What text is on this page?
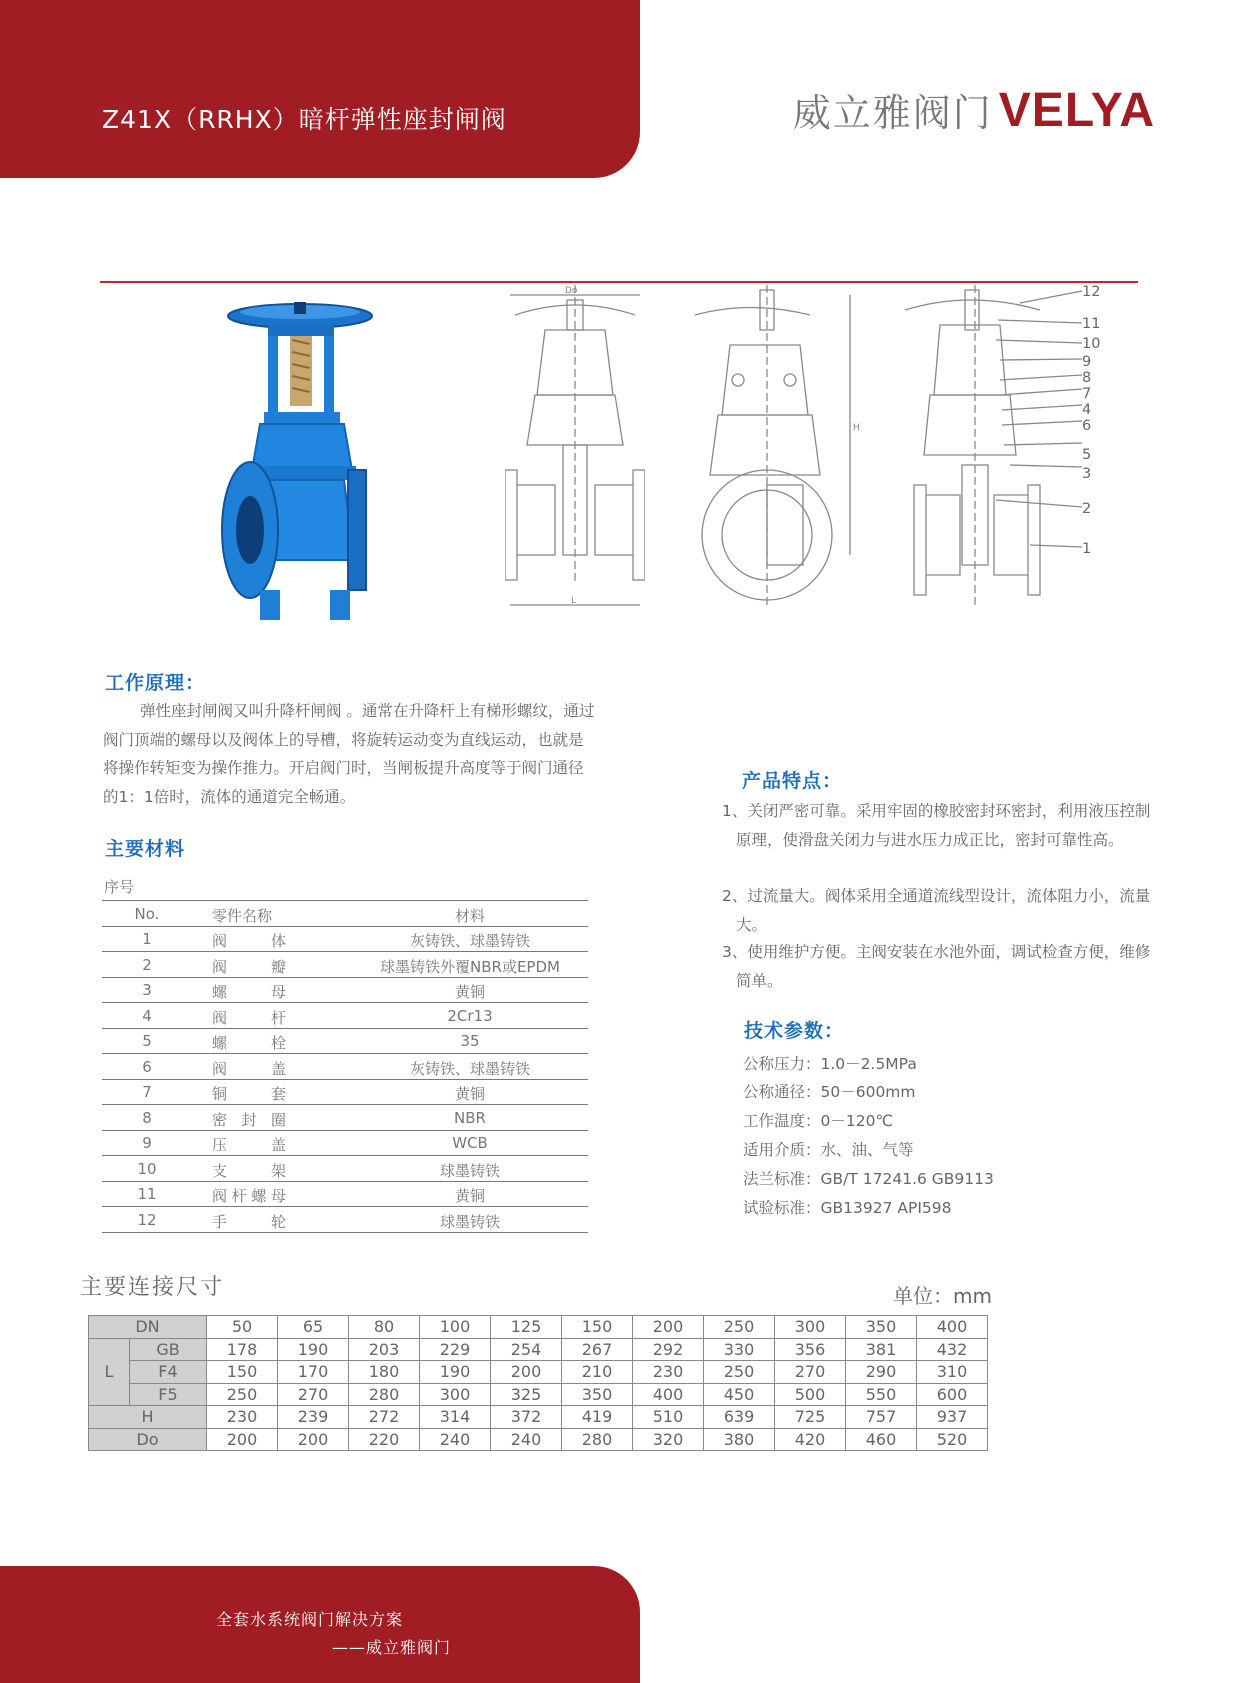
Z41X（RRHX）暗杆弹性座封闸阀	威立雅阀门 VELYA
Do
L
H
12
11
10
9
8
7
4
6
5
3
2
1
工作原理：
弹性座封闸阀又叫升降杆闸阀 。通常在升降杆上有梯形螺纹，通过阀门顶端的螺母以及阀体上的导槽，将旋转运动变为直线运动，也就是将操作转矩变为操作推力。开启阀门时，当闸板提升高度等于阀门通径的1：1倍时，流体的通道完全畅通。
主要材料
序号
No.	零件名称	材料
1	阀体	灰铸铁、球墨铸铁
2	阀瓣	球墨铸铁外覆NBR或EPDM
3	螺母	黄铜
4	阀杆	2Cr13
5	螺栓	35
6	阀盖	灰铸铁、球墨铸铁
7	铜套	黄铜
8	密封圈	NBR
9	压盖	WCB
10	支架	球墨铸铁
11	阀杆螺母	黄铜
12	手轮	球墨铸铁
产品特点：
1、关闭严密可靠。采用牢固的橡胶密封环密封，利用液压控制原理，使滑盘关闭力与进水压力成正比，密封可靠性高。
2、过流量大。阀体采用全通道流线型设计，流体阻力小，流量大。
3、使用维护方便。主阀安装在水池外面，调试检查方便，维修简单。
技术参数：
公称压力：1.0－2.5MPa
公称通径：50－600mm
工作温度：0－120℃
适用介质：水、油、气等
法兰标准：GB/T 17241.6 GB9113
试验标准：GB13927 API598
主要连接尺寸	单位：mm
DN		50	65	80	100	125	150	200	250	300	350	400
L	GB	178	190	203	229	254	267	292	330	356	381	432
	F4	150	170	180	190	200	210	230	250	270	290	310
	F5	250	270	280	300	325	350	400	450	500	550	600
H		230	239	272	314	372	419	510	639	725	757	937
Do		200	200	220	240	240	280	320	380	420	460	520
全套水系统阀门解决方案
——威立雅阀门
